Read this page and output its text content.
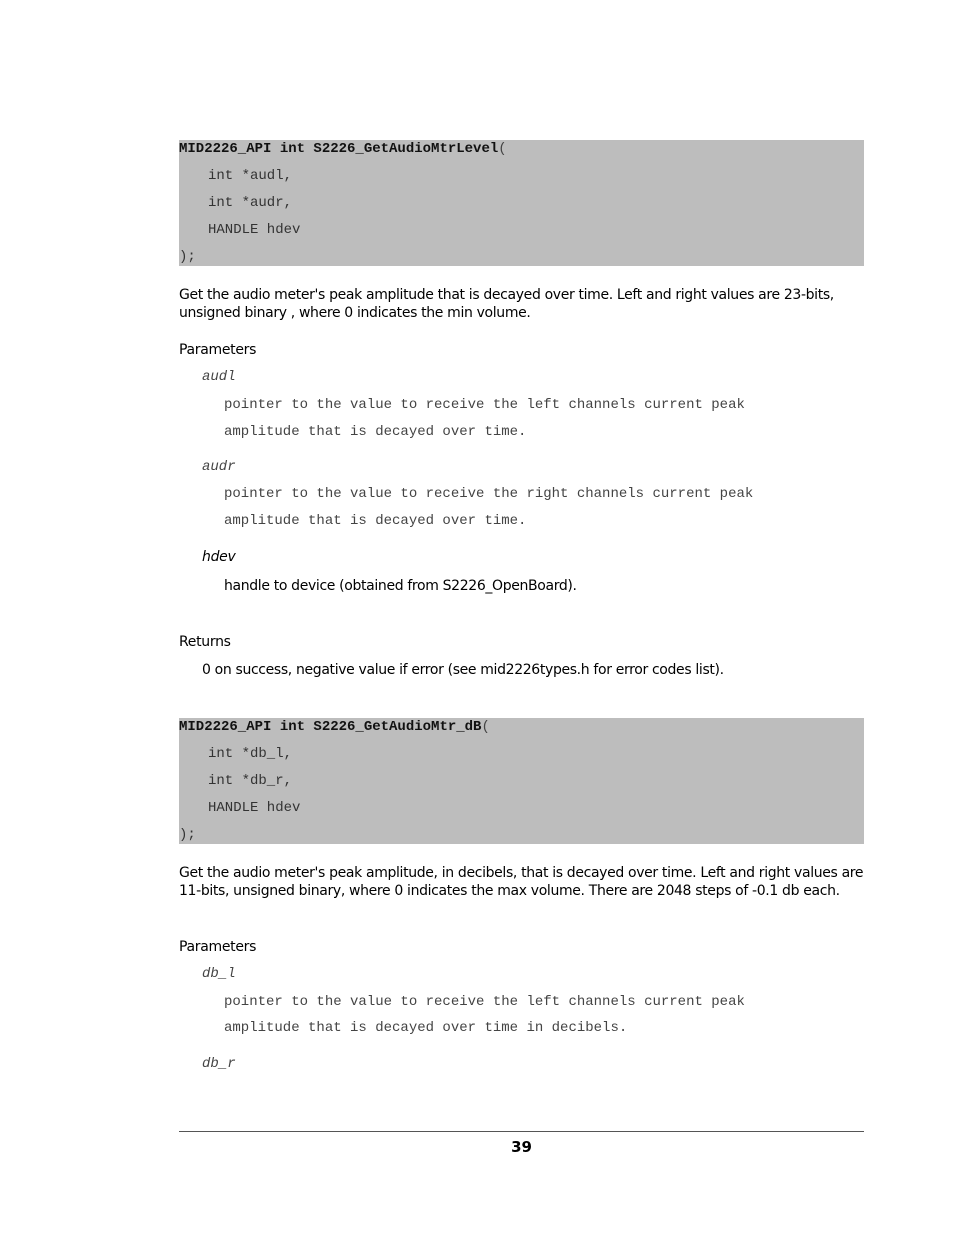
MID2226_API int S2226_GetAudioMtrLevel(
int *audl,
int *audr,
HANDLE hdev
);
Get the audio meter's peak amplitude that is decayed over time. Left and right values are 23-bits, unsigned binary , where 0 indicates the min volume.
Parameters
audl
pointer to the value to receive the left channels current peak
amplitude that is decayed over time.
audr
pointer to the value to receive the right channels current peak
amplitude that is decayed over time.
hdev
handle to device (obtained from S2226_OpenBoard).
Returns
0 on success, negative value if error (see mid2226types.h for error codes list).
MID2226_API int S2226_GetAudioMtr_dB(
int *db_l,
int *db_r,
HANDLE hdev
);
Get the audio meter's peak amplitude, in decibels, that is decayed over time. Left and right values are 11-bits, unsigned binary, where 0 indicates the max volume. There are 2048 steps of -0.1 db each.
Parameters
db_l
pointer to the value to receive the left channels current peak
amplitude that is decayed over time in decibels.
db_r
39
